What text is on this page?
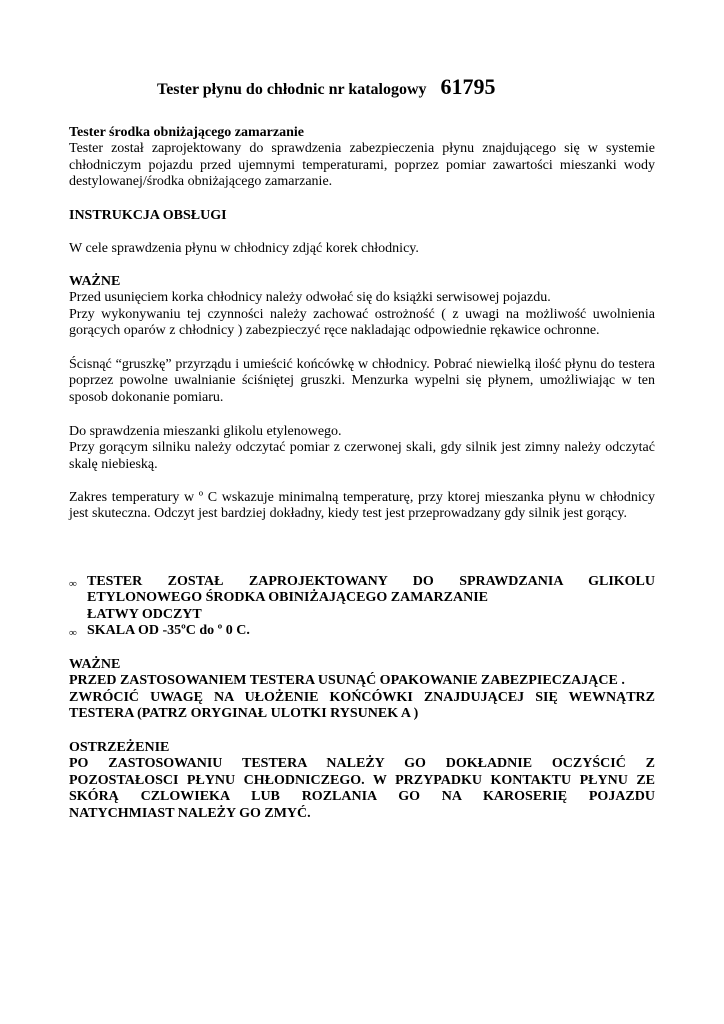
Tester płynu do chłodnic nr katalogowy 61795
Tester środka obniżającego zamarzanie
Tester został zaprojektowany do sprawdzenia zabezpieczenia płynu znajdującego się w systemie chłodniczym pojazdu przed ujemnymi temperaturami, poprzez pomiar zawartości mieszanki wody destylowanej/środka obniżającego zamarzanie.
INSTRUKCJA OBSŁUGI
W cele sprawdzenia płynu w chłodnicy zdjąć korek chłodnicy.
WAŻNE
Przed usunięciem korka chłodnicy należy odwołać się do książki serwisowej pojazdu.
Przy wykonywaniu tej czynności należy zachować ostrożność ( z uwagi na możliwość uwolnienia gorących oparów z chłodnicy ) zabezpieczyć ręce nakladając odpowiednie rękawice ochronne.
Ścisnąć “gruszkę” przyrządu i umieścić końcówkę w chłodnicy. Pobrać niewielką ilość płynu do testera poprzez powolne uwalnianie ściśniętej gruszki. Menzurka wypelni się płynem, umożliwiając w ten sposob dokonanie pomiaru.
Do sprawdzenia mieszanki glikolu etylenowego.
Przy gorącym silniku należy odczytać pomiar z czerwonej skali, gdy silnik jest zimny należy odczytać skalę niebieską.
Zakres temperatury w º C wskazuje minimalną temperaturę, przy ktorej mieszanka płynu w chłodnicy jest skuteczna. Odczyt jest bardziej dokładny, kiedy test jest przeprowadzany gdy silnik jest gorący.
∞ TESTER ZOSTAŁ ZAPROJEKTOWANY DO SPRAWDZANIA GLIKOLU
ETYLONOWEGO ŚRODKA OBINIŻAJĄCEGO ZAMARZANIE
ŁATWY ODCZYT
∞ SKALA OD -35ºC do º 0 C.
WAŻNE
PRZED ZASTOSOWANIEM TESTERA USUNĄĆ OPAKOWANIE ZABEZPIECZAJĄCE .
ZWRÓCIĆ UWAGĘ NA UŁOŻENIE KOŃCÓWKI ZNAJDUJĄCEJ SIĘ WEWNĄTRZ
TESTERA (PATRZ ORYGINAŁ ULOTKI RYSUNEK A )
OSTRZEŻENIE
PO ZASTOSOWANIU TESTERA NALEŻY GO DOKŁADNIE OCZYŚCIĆ Z
POZOSTAŁOSCI PŁYNU CHŁODNICZEGO. W PRZYPADKU KONTAKTU PŁYNU ZE
SKÓRĄ CZLOWIEKA LUB ROZLANIA GO NA KAROSERIĘ POJAZDU
NATYCHMIAST NALEŻY GO ZMYĆ.
